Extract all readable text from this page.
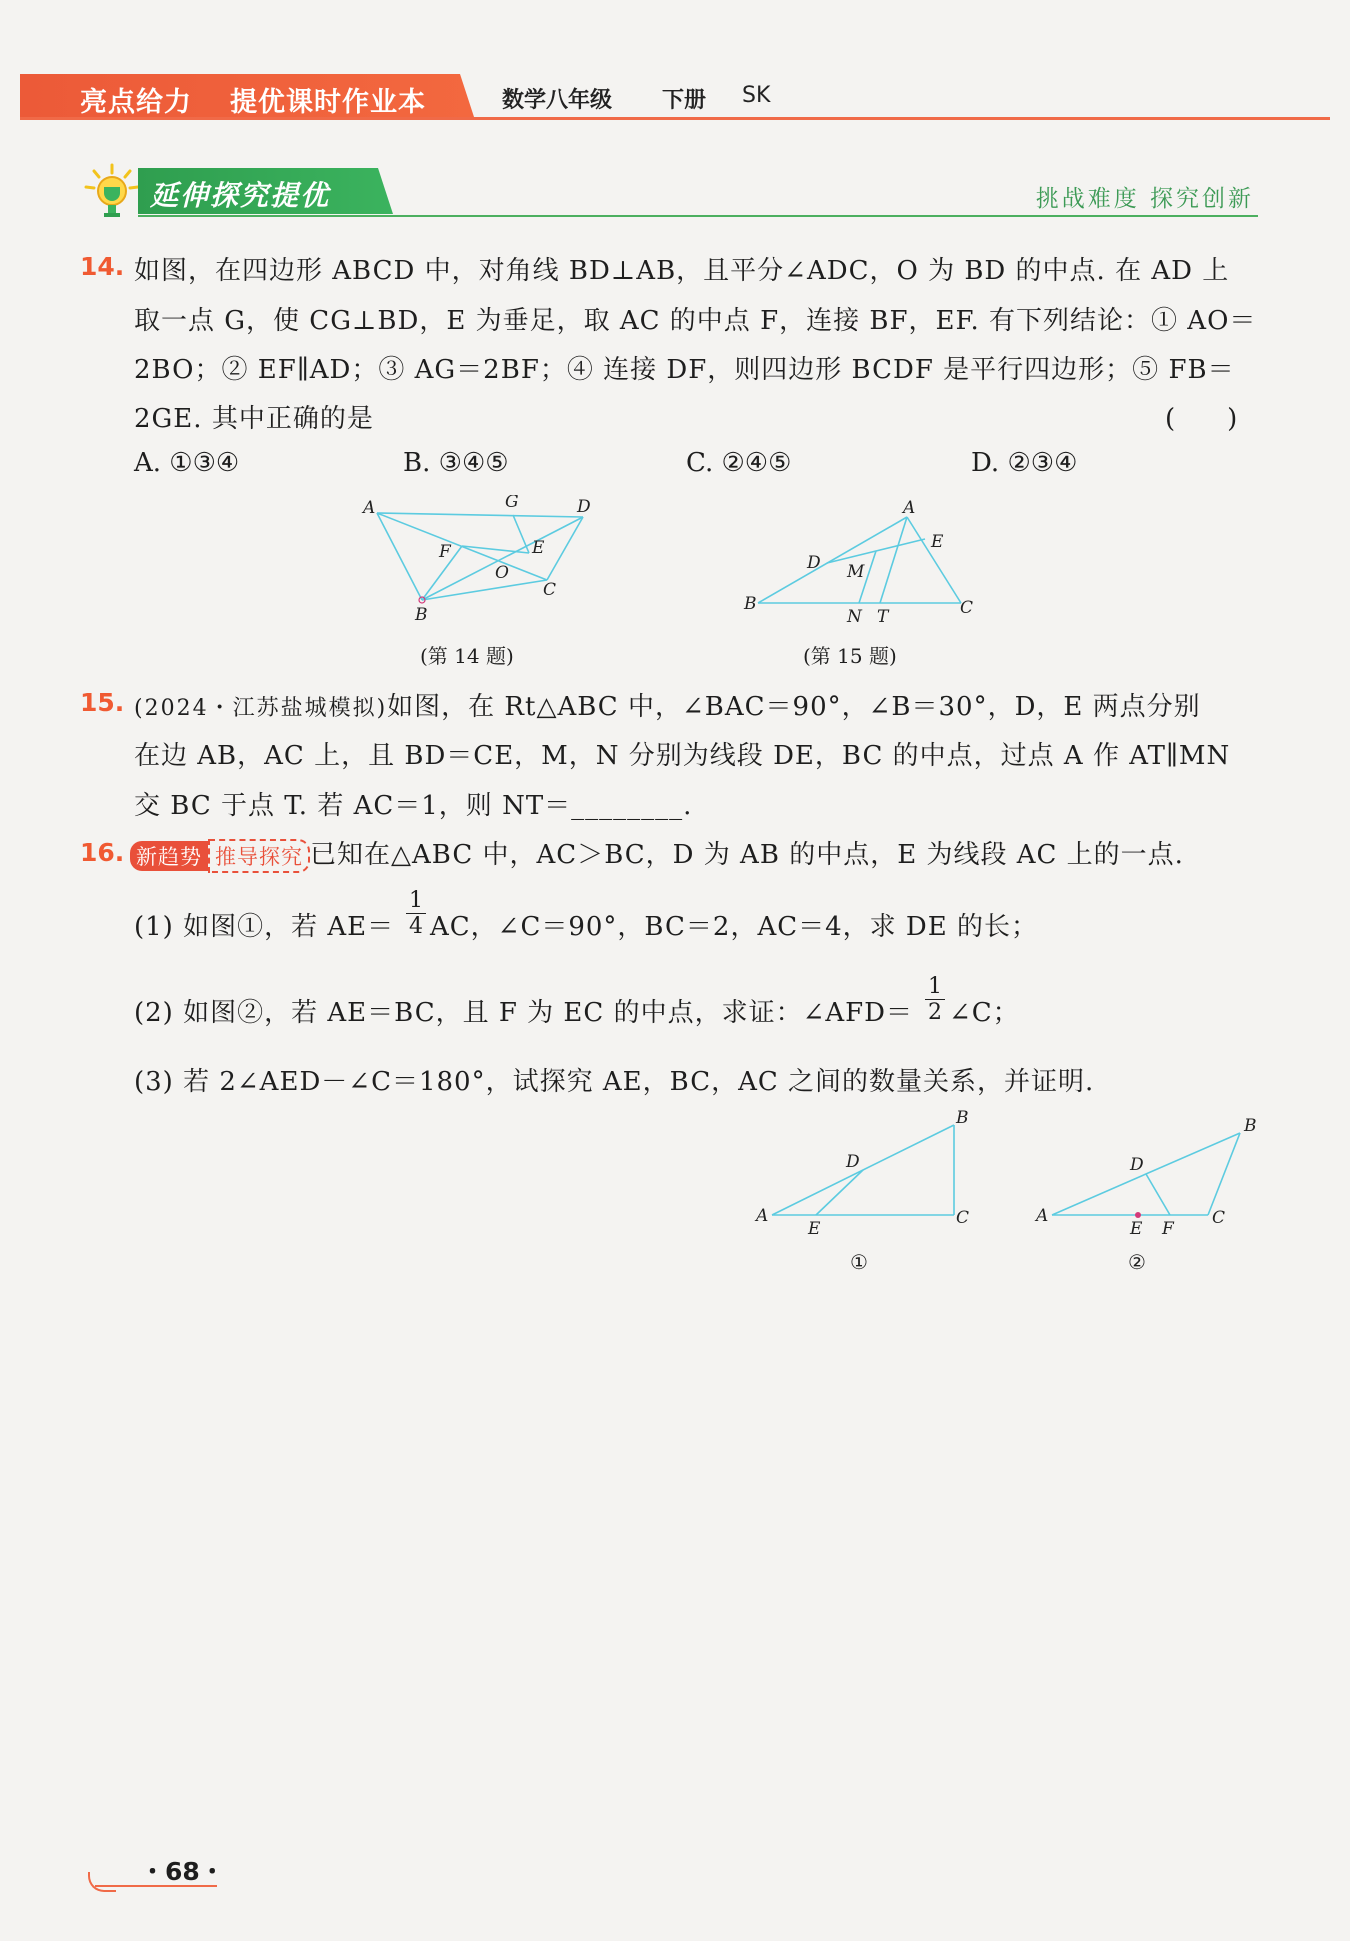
亮点给力 提优课时作业本	数学八年级 下册 SK
延伸探究提优	挑战难度 探究创新
14. 如图，在四边形 ABCD 中，对角线 BD⊥AB，且平分∠ADC，O 为 BD 的中点. 在 AD 上
取一点 G，使 CG⊥BD，E 为垂足，取 AC 的中点 F，连接 BF，EF. 有下列结论：① AO＝
2BO；② EF∥AD；③ AG＝2BF；④ 连接 DF，则四边形 BCDF 是平行四边形；⑤ FB＝
2GE. 其中正确的是	(　　)
A. ①③④	B. ③④⑤	C. ②④⑤	D. ②③④
A	G	D
F	E
O
C
B
(第 14 题)
A
E
D M
B
N T	C
(第 15 题)
15. (2024・江苏盐城模拟)如图，在 Rt△ABC 中，∠BAC＝90°，∠B＝30°，D，E 两点分别
在边 AB，AC 上，且 BD＝CE，M，N 分别为线段 DE，BC 的中点，过点 A 作 AT∥MN
交 BC 于点 T. 若 AC＝1，则 NT＝________.
16. 新趋势 推导探究 已知在△ABC 中，AC＞BC，D 为 AB 的中点，E 为线段 AC 上的一点.
(1) 如图①，若 $AE= \frac{1}{4}$ AC，∠C＝90°，BC＝2，AC＝4，求 DE 的长；
(2) 如图②，若 AE＝BC，且 F 为 EC 的中点，求证：∠AFD＝ $\frac{1}{2}$ ∠C；
(3) 若 2∠AED－∠C＝180°，试探究 AE，BC，AC 之间的数量关系，并证明.
B
D
A
E
C
①
B
D
A
E F
C
②
・68・
